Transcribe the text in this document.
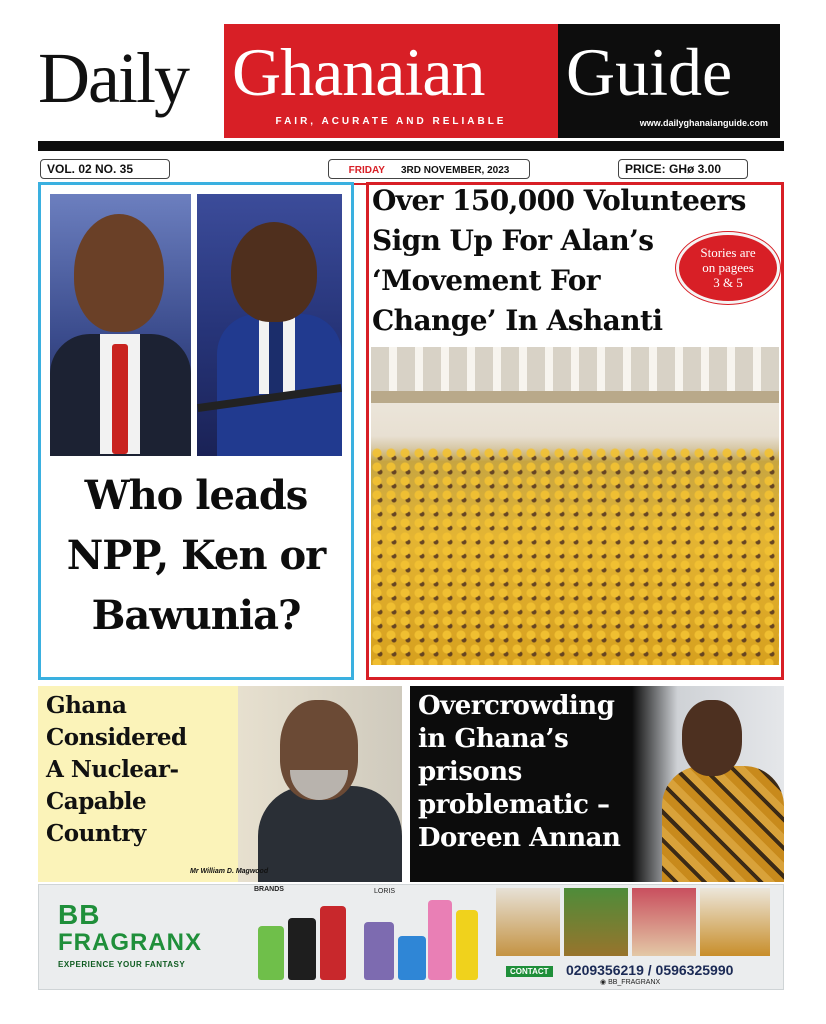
Daily Ghanaian
FAIR, ACURATE AND RELIABLE
Guide
www.dailyghanaianguide.com
VOL. 02 NO. 35	FRIDAY 3RD NOVEMBER, 2023	PRICE: GHø 3.00
Who leads
NPP, Ken or
Bawunia?
Over 150,000 Volunteers
Sign Up For Alan’s
‘Movement For
Change’ In Ashanti
Stories are
on pagees
3 & 5
Ghana
Considered
A Nuclear-
Capable
Country
Mr William D. Magwood
Overcrowding
in Ghana’s
prisons
problematic –
Doreen Annan
BB
FRAGRANX
EXPERIENCE YOUR FANTASY
BRANDS	LORIS
CONTACT 0209356219 / 0596325990
◉ BB_FRAGRANX
